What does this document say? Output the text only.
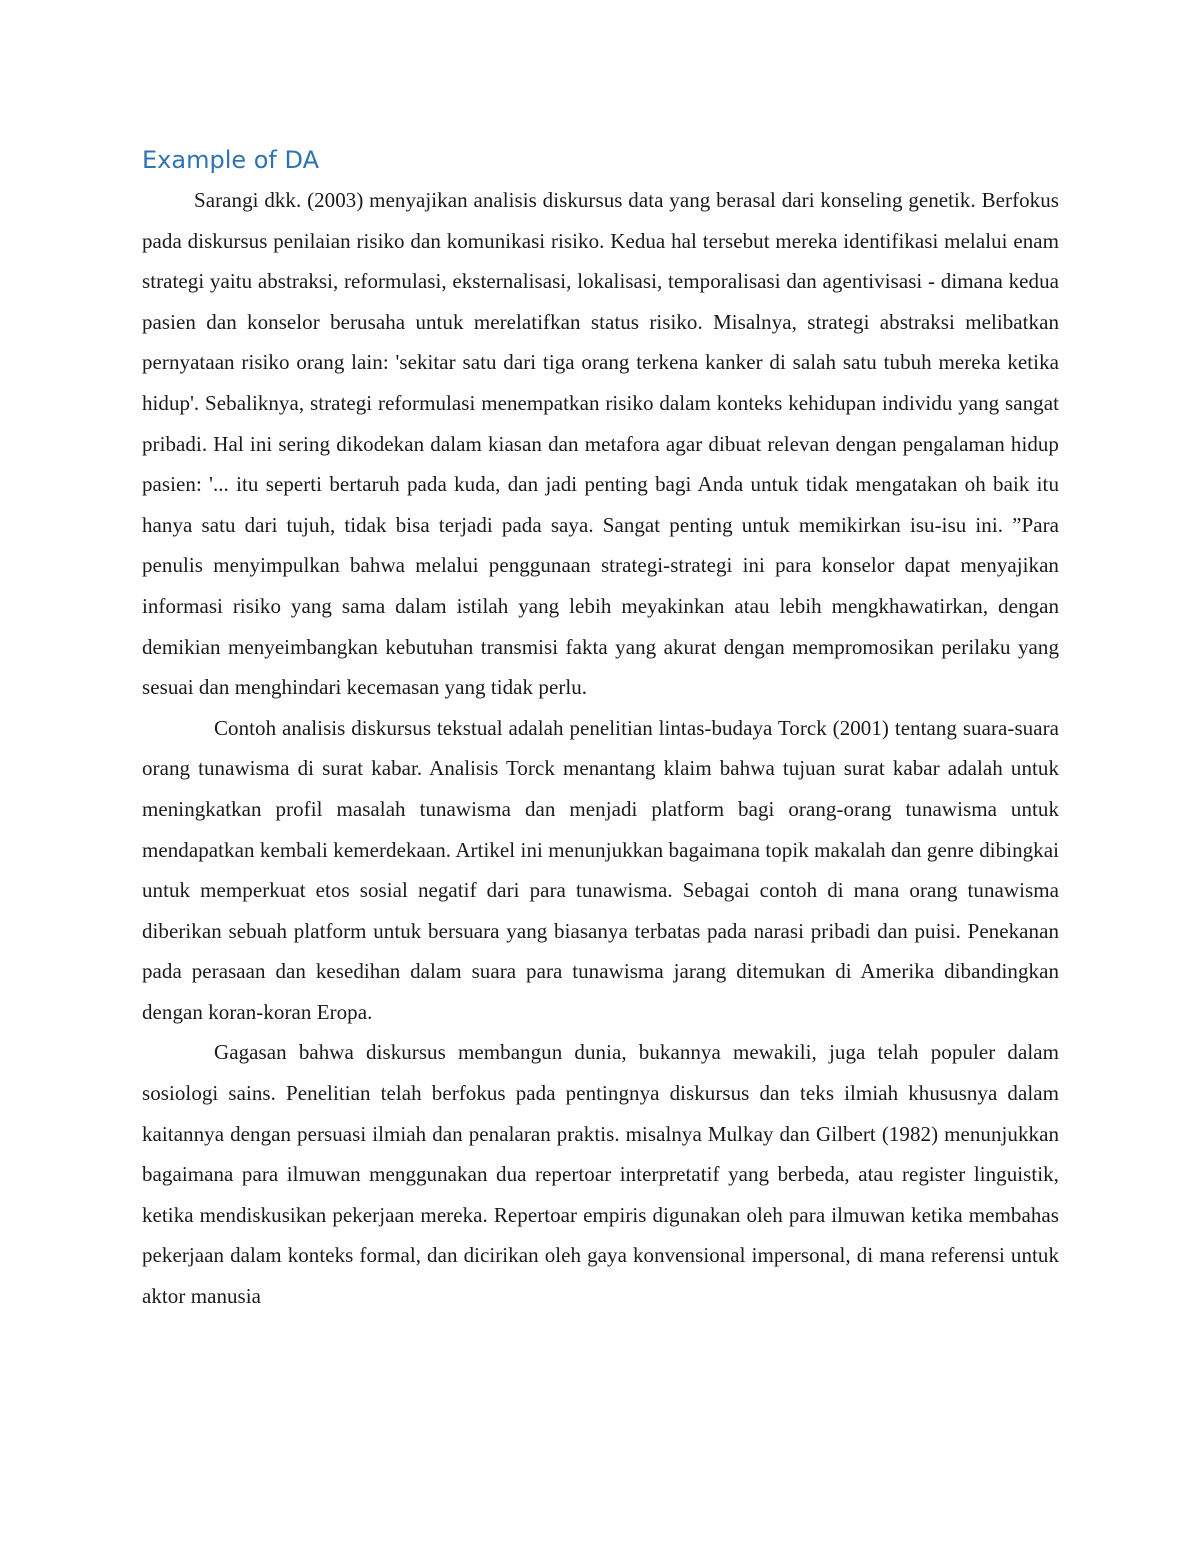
Example of DA

Sarangi dkk. (2003) menyajikan analisis diskursus data yang berasal dari konseling genetik. Berfokus pada diskursus penilaian risiko dan komunikasi risiko. Kedua hal tersebut mereka identifikasi melalui enam strategi yaitu abstraksi, reformulasi, eksternalisasi, lokalisasi, temporalisasi dan agentivisasi - dimana kedua pasien dan konselor berusaha untuk merelatifkan status risiko. Misalnya, strategi abstraksi melibatkan pernyataan risiko orang lain: 'sekitar satu dari tiga orang terkena kanker di salah satu tubuh mereka ketika hidup'. Sebaliknya, strategi reformulasi menempatkan risiko dalam konteks kehidupan individu yang sangat pribadi. Hal ini sering dikodekan dalam kiasan dan metafora agar dibuat relevan dengan pengalaman hidup pasien: '... itu seperti bertaruh pada kuda, dan jadi penting bagi Anda untuk tidak mengatakan oh baik itu hanya satu dari tujuh, tidak bisa terjadi pada saya. Sangat penting untuk memikirkan isu-isu ini. ”Para penulis menyimpulkan bahwa melalui penggunaan strategi-strategi ini para konselor dapat menyajikan informasi risiko yang sama dalam istilah yang lebih meyakinkan atau lebih mengkhawatirkan, dengan demikian menyeimbangkan kebutuhan transmisi fakta yang akurat dengan mempromosikan perilaku yang sesuai dan menghindari kecemasan yang tidak perlu.

Contoh analisis diskursus tekstual adalah penelitian lintas-budaya Torck (2001) tentang suara-suara orang tunawisma di surat kabar. Analisis Torck menantang klaim bahwa tujuan surat kabar adalah untuk meningkatkan profil masalah tunawisma dan menjadi platform bagi orang-orang tunawisma untuk mendapatkan kembali kemerdekaan. Artikel ini menunjukkan bagaimana topik makalah dan genre dibingkai untuk memperkuat etos sosial negatif dari para tunawisma. Sebagai contoh di mana orang tunawisma diberikan sebuah platform untuk bersuara yang biasanya terbatas pada narasi pribadi dan puisi. Penekanan pada perasaan dan kesedihan dalam suara para tunawisma jarang ditemukan di Amerika dibandingkan dengan koran-koran Eropa.

Gagasan bahwa diskursus membangun dunia, bukannya mewakili, juga telah populer dalam sosiologi sains. Penelitian telah berfokus pada pentingnya diskursus dan teks ilmiah khususnya dalam kaitannya dengan persuasi ilmiah dan penalaran praktis. misalnya Mulkay dan Gilbert (1982) menunjukkan bagaimana para ilmuwan menggunakan dua repertoar interpretatif yang berbeda, atau register linguistik, ketika mendiskusikan pekerjaan mereka. Repertoar empiris digunakan oleh para ilmuwan ketika membahas pekerjaan dalam konteks formal, dan dicirikan oleh gaya konvensional impersonal, di mana referensi untuk aktor manusia
